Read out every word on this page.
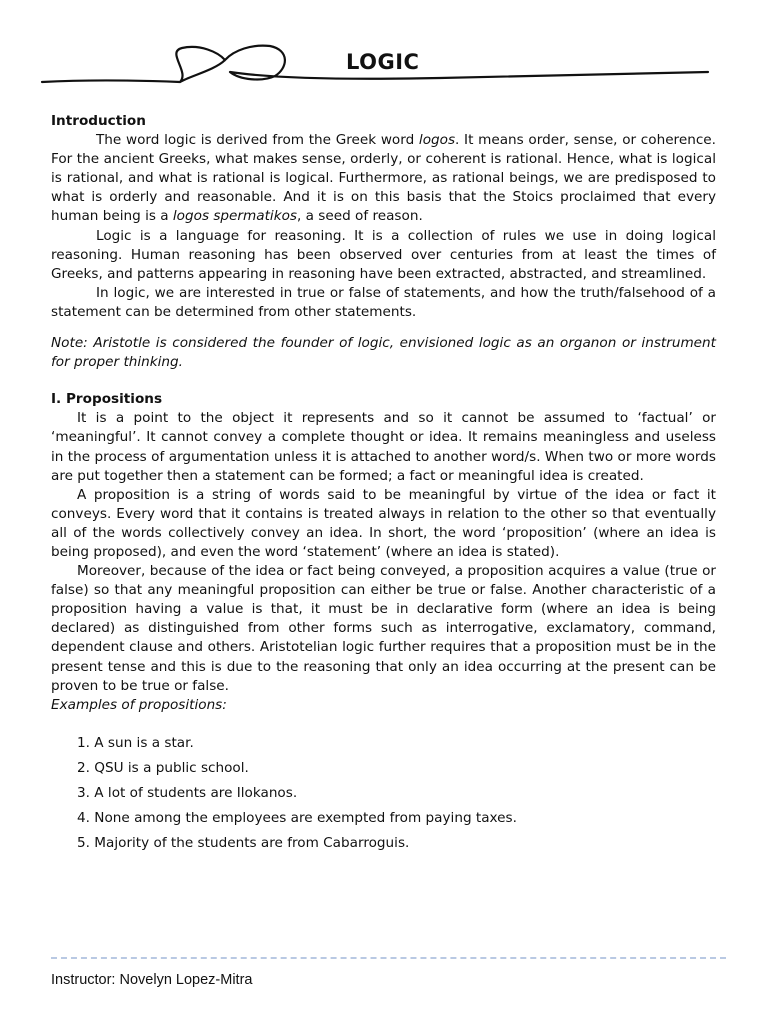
LOGIC
Introduction

The word logic is derived from the Greek word logos. It means order, sense, or coherence. For the ancient Greeks, what makes sense, orderly, or coherent is rational. Hence, what is logical is rational, and what is rational is logical. Furthermore, as rational beings, we are predisposed to what is orderly and reasonable. And it is on this basis that the Stoics proclaimed that every human being is a logos spermatikos, a seed of reason.

Logic is a language for reasoning. It is a collection of rules we use in doing logical reasoning. Human reasoning has been observed over centuries from at least the times of Greeks, and patterns appearing in reasoning have been extracted, abstracted, and streamlined.

In logic, we are interested in true or false of statements, and how the truth/falsehood of a statement can be determined from other statements.

Note: Aristotle is considered the founder of logic, envisioned logic as an organon or instrument for proper thinking.

I. Propositions

It is a point to the object it represents and so it cannot be assumed to ‘factual’ or ‘meaningful’. It cannot convey a complete thought or idea. It remains meaningless and useless in the process of argumentation unless it is attached to another word/s. When two or more words are put together then a statement can be formed; a fact or meaningful idea is created.

A proposition is a string of words said to be meaningful by virtue of the idea or fact it conveys. Every word that it contains is treated always in relation to the other so that eventually all of the words collectively convey an idea. In short, the word ‘proposition’ (where an idea is being proposed), and even the word ‘statement’ (where an idea is stated).

Moreover, because of the idea or fact being conveyed, a proposition acquires a value (true or false) so that any meaningful proposition can either be true or false. Another characteristic of a proposition having a value is that, it must be in declarative form (where an idea is being declared) as distinguished from other forms such as interrogative, exclamatory, command, dependent clause and others. Aristotelian logic further requires that a proposition must be in the present tense and this is due to the reasoning that only an idea occurring at the present can be proven to be true or false.

Examples of propositions:

1. A sun is a star.
2. QSU is a public school.
3. A lot of students are Ilokanos.
4. None among the employees are exempted from paying taxes.
5. Majority of the students are from Cabarroguis.
Instructor: Novelyn Lopez-Mitra
